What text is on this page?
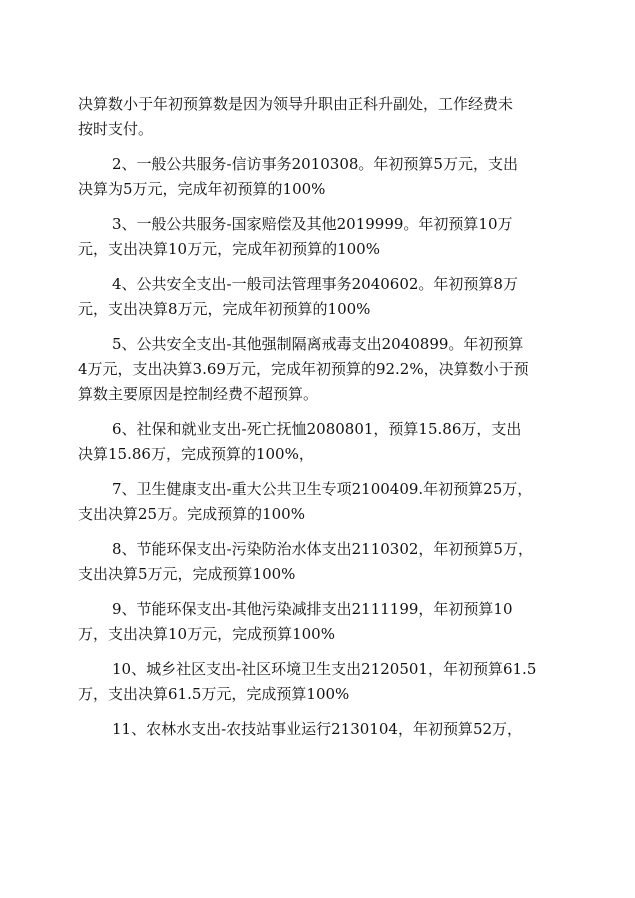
决算数小于年初预算数是因为领导升职由正科升副处，工作经费未
按时支付。

2、一般公共服务-信访事务2010308。年初预算5万元，支出
决算为5万元，完成年初预算的100%

3、一般公共服务-国家赔偿及其他2019999。年初预算10万
元，支出决算10万元，完成年初预算的100%

4、公共安全支出-一般司法管理事务2040602。年初预算8万
元，支出决算8万元，完成年初预算的100%

5、公共安全支出-其他强制隔离戒毒支出2040899。年初预算
4万元，支出决算3.69万元，完成年初预算的92.2%，决算数小于预
算数主要原因是控制经费不超预算。

6、社保和就业支出-死亡抚恤2080801，预算15.86万，支出
决算15.86万，完成预算的100%，

7、卫生健康支出-重大公共卫生专项2100409.年初预算25万，
支出决算25万。完成预算的100%

8、节能环保支出-污染防治水体支出2110302，年初预算5万，
支出决算5万元，完成预算100%

9、节能环保支出-其他污染减排支出2111199，年初预算10
万，支出决算10万元，完成预算100%

10、城乡社区支出-社区环境卫生支出2120501，年初预算61.5
万，支出决算61.5万元，完成预算100%

11、农林水支出-农技站事业运行2130104，年初预算52万，
